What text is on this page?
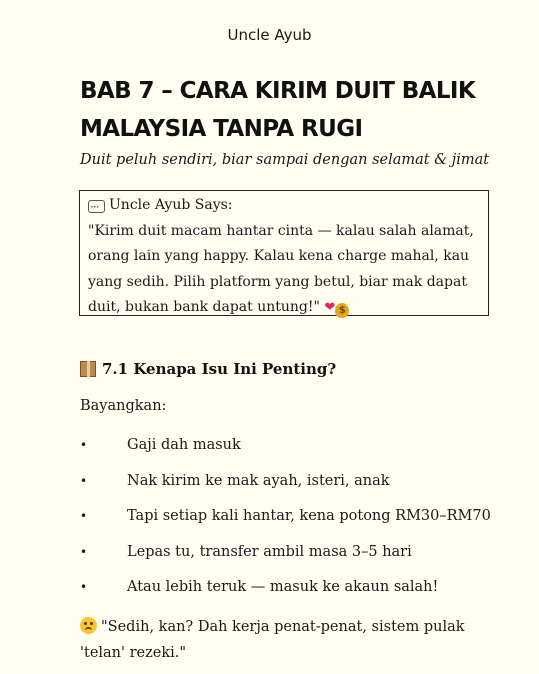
Uncle Ayub
BAB 7 – CARA KIRIM DUIT BALIK MALAYSIA TANPA RUGI

Duit peluh sendiri, biar sampai dengan selamat & jimat

···
Uncle Ayub Says:

"Kirim duit macam hantar cinta — kalau salah alamat, orang lain yang happy. Kalau kena charge mahal, kau yang sedih. Pilih platform yang betul, biar mak dapat duit, bukan bank dapat untung!" ❤ $

7.1 Kenapa Isu Ini Penting?

Bayangkan:

• Gaji dah masuk
• Nak kirim ke mak ayah, isteri, anak
• Tapi setiap kali hantar, kena potong RM30–RM70
• Lepas tu, transfer ambil masa 3–5 hari
• Atau lebih teruk — masuk ke akaun salah!

"Sedih, kan? Dah kerja penat-penat, sistem pulak 'telan' rezeki."
